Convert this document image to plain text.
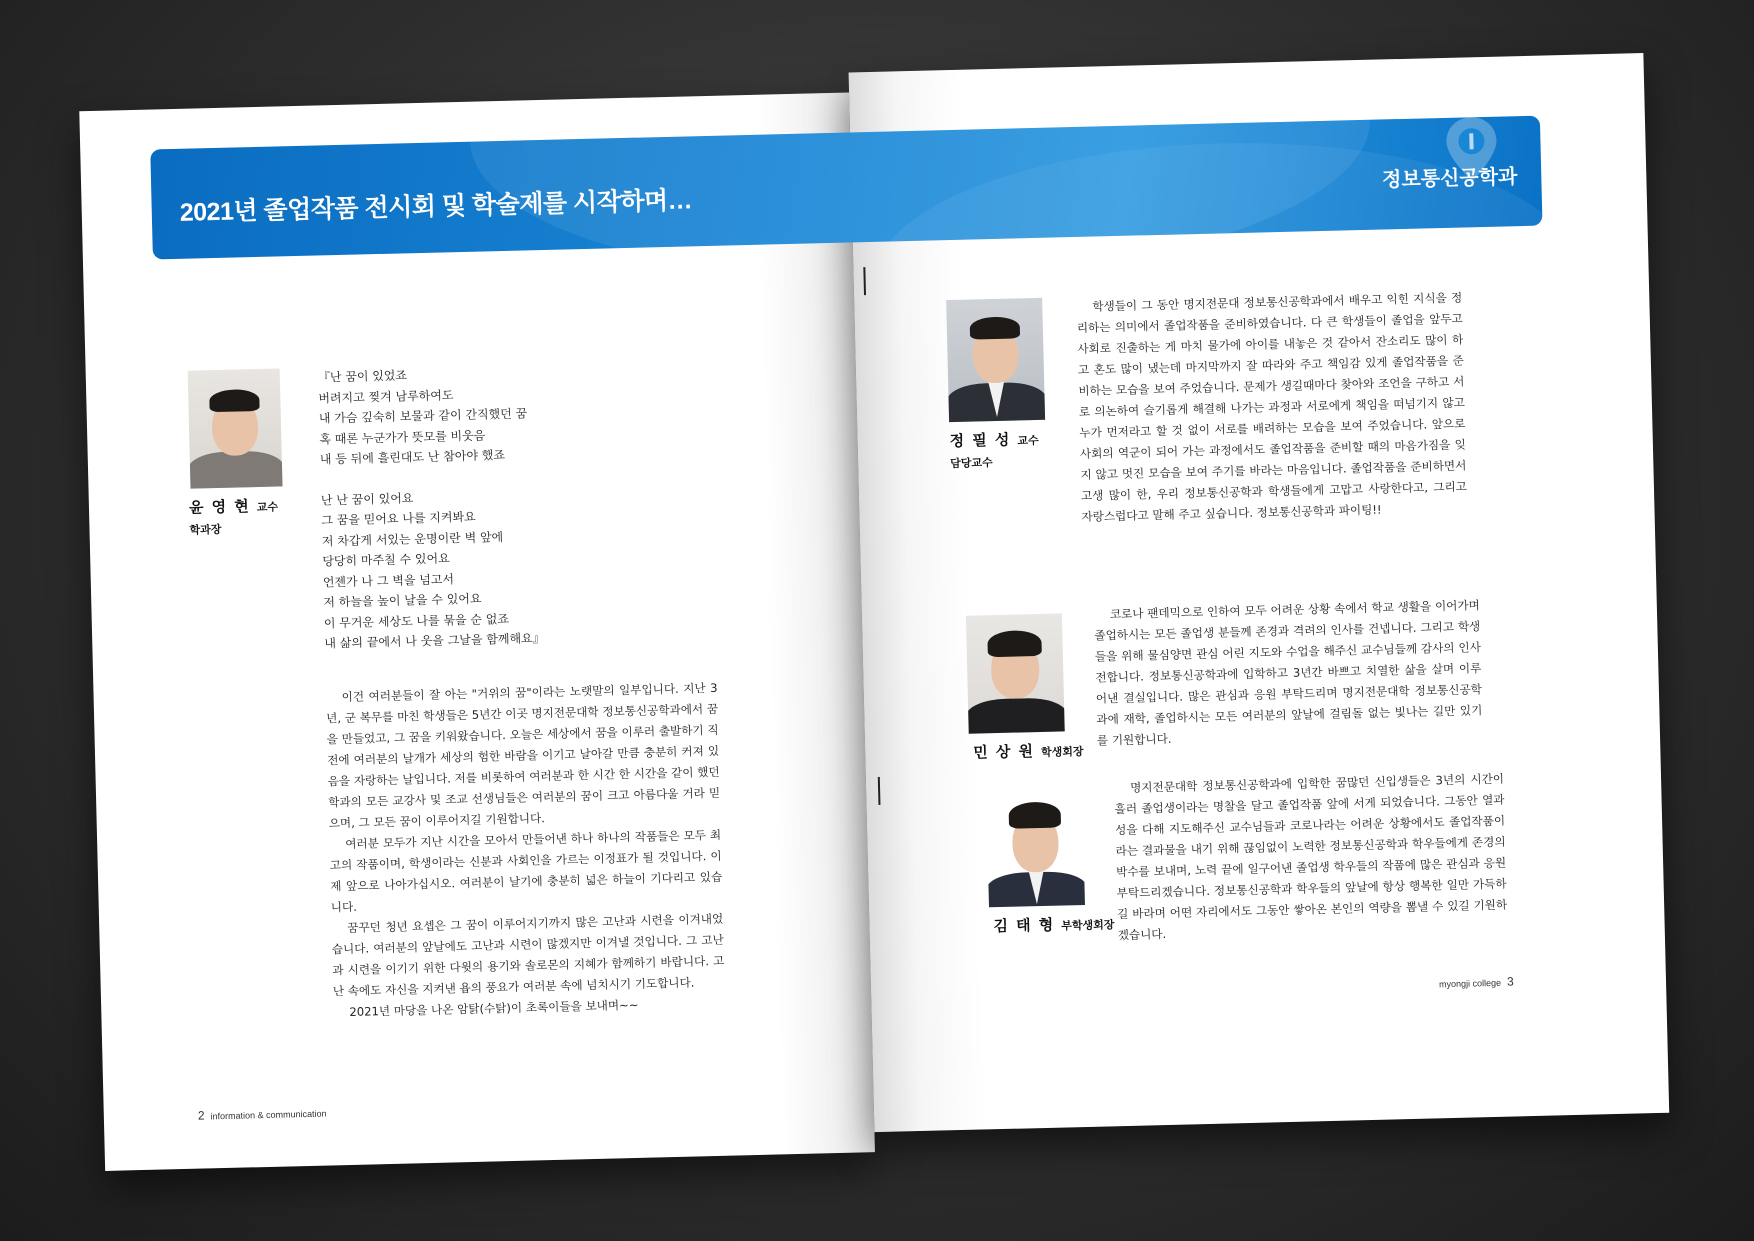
윤 영 현 교수
학과장
『난 꿈이 있었죠
버려지고 찢겨 남루하여도
내 가슴 깊숙히 보물과 같이 간직했던 꿈
혹 때론 누군가가 뜻모를 비웃음
내 등 뒤에 흘린대도 난 참아야 했죠
난 난 꿈이 있어요
그 꿈을 믿어요 나를 지켜봐요
저 차갑게 서있는 운명이란 벽 앞에
당당히 마주칠 수 있어요
언젠가 나 그 벽을 넘고서
저 하늘을 높이 날을 수 있어요
이 무거운 세상도 나를 묶을 순 없죠
내 삶의 끝에서 나 웃을 그날을 함께해요』

이건 여러분들이 잘 아는 "거위의 꿈"이라는 노랫말의 일부입니다. 지난 3년, 군 복무를 마친 학생들은 5년간 이곳 명지전문대학 정보통신공학과에서 꿈을 만들었고, 그 꿈을 키워왔습니다. 오늘은 세상에서 꿈을 이루러 출발하기 직전에 여러분의 날개가 세상의 험한 바람을 이기고 날아갈 만큼 충분히 커져 있음을 자랑하는 날입니다. 저를 비롯하여 여러분과 한 시간 한 시간을 같이 했던 학과의 모든 교강사 및 조교 선생님들은 여러분의 꿈이 크고 아름다울 거라 믿으며, 그 모든 꿈이 이루어지길 기원합니다.

여러분 모두가 지난 시간을 모아서 만들어낸 하나 하나의 작품들은 모두 최고의 작품이며, 학생이라는 신분과 사회인을 가르는 이정표가 될 것입니다. 이제 앞으로 나아가십시오. 여러분이 날기에 충분히 넓은 하늘이 기다리고 있습니다.

꿈꾸던 청년 요셉은 그 꿈이 이루어지기까지 많은 고난과 시련을 이겨내었습니다. 여러분의 앞날에도 고난과 시련이 많겠지만 이겨낼 것입니다. 그 고난과 시련을 이기기 위한 다윗의 용기와 솔로몬의 지혜가 함께하기 바랍니다. 고난 속에도 자신을 지켜낸 욥의 풍요가 여러분 속에 넘치시기 기도합니다.

2021년 마당을 나온 암탉(수탉)이 초록이들을 보내며~~

2 information & communication
정 필 성 교수
담당교수
학생들이 그 동안 명지전문대 정보통신공학과에서 배우고 익힌 지식을 정리하는 의미에서 졸업작품을 준비하였습니다. 다 큰 학생들이 졸업을 앞두고 사회로 진출하는 게 마치 물가에 아이를 내놓은 것 같아서 잔소리도 많이 하고 혼도 많이 냈는데 마지막까지 잘 따라와 주고 책임감 있게 졸업작품을 준비하는 모습을 보여 주었습니다. 문제가 생길때마다 찾아와 조언을 구하고 서로 의논하여 슬기롭게 해결해 나가는 과정과 서로에게 책임을 떠넘기지 않고 누가 먼저라고 할 것 없이 서로를 배려하는 모습을 보여 주었습니다. 앞으로 사회의 역군이 되어 가는 과정에서도 졸업작품을 준비할 때의 마음가짐을 잊지 않고 멋진 모습을 보여 주기를 바라는 마음입니다. 졸업작품을 준비하면서 고생 많이 한, 우리 정보통신공학과 학생들에게 고맙고 사랑한다고, 그리고 자랑스럽다고 말해 주고 싶습니다. 정보통신공학과 파이팅!!
민 상 원 학생회장
코로나 팬데믹으로 인하여 모두 어려운 상황 속에서 학교 생활을 이어가며 졸업하시는 모든 졸업생 분들께 존경과 격려의 인사를 건넵니다. 그리고 학생들을 위해 물심양면 관심 어린 지도와 수업을 해주신 교수님들께 감사의 인사 전합니다. 정보통신공학과에 입학하고 3년간 바쁘고 치열한 삶을 살며 이루어낸 결실입니다. 많은 관심과 응원 부탁드리며 명지전문대학 정보통신공학과에 재학, 졸업하시는 모든 여러분의 앞날에 걸림돌 없는 빛나는 길만 있기를 기원합니다.
김 태 형 부학생회장
명지전문대학 정보통신공학과에 입학한 꿈많던 신입생들은 3년의 시간이 흘러 졸업생이라는 명찰을 달고 졸업작품 앞에 서게 되었습니다. 그동안 열과 성을 다해 지도해주신 교수님들과 코로나라는 어려운 상황에서도 졸업작품이라는 결과물을 내기 위해 끊임없이 노력한 정보통신공학과 학우들에게 존경의 박수를 보내며, 노력 끝에 일구어낸 졸업생 학우들의 작품에 많은 관심과 응원 부탁드리겠습니다. 정보통신공학과 학우들의 앞날에 항상 행복한 일만 가득하길 바라며 어떤 자리에서도 그동안 쌓아온 본인의 역량을 뽐낼 수 있길 기원하겠습니다.
myongji college 3
2021년 졸업작품 전시회 및 학술제를 시작하며…
정보통신공학과
